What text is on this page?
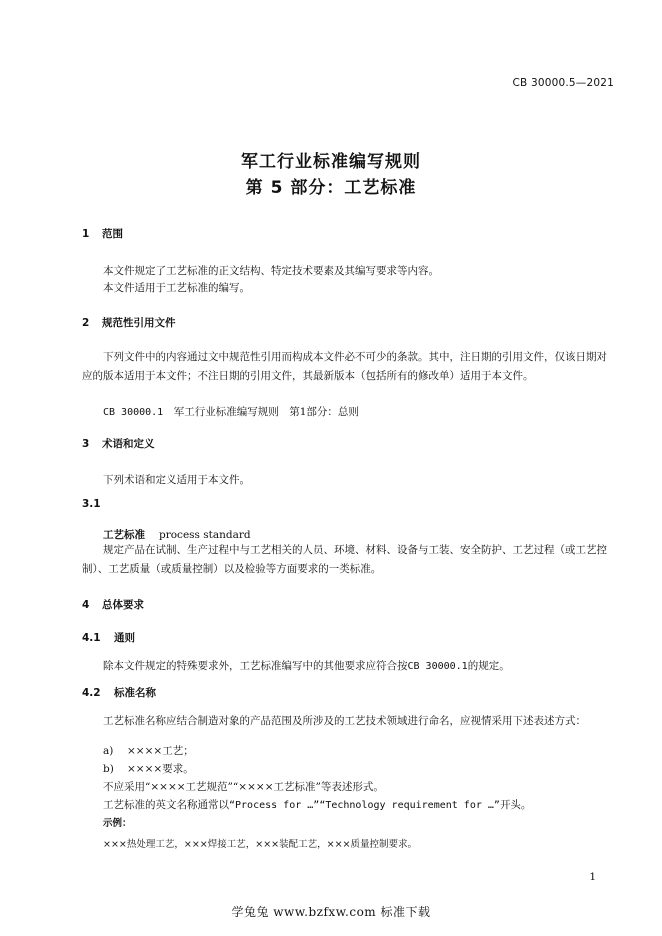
CB 30000.5—2021
军工行业标准编写规则
第 5 部分：工艺标准
1 范围
本文件规定了工艺标准的正文结构、特定技术要素及其编写要求等内容。
本文件适用于工艺标准的编写。
2 规范性引用文件
下列文件中的内容通过文中规范性引用而构成本文件必不可少的条款。其中，注日期的引用文件，仅该日期对应的版本适用于本文件；不注日期的引用文件，其最新版本（包括所有的修改单）适用于本文件。
CB 30000.1　 军工行业标准编写规则　第1部分：总则
3 术语和定义
下列术语和定义适用于本文件。
3.1
工艺标准 process standard
规定产品在试制、生产过程中与工艺相关的人员、环境、材料、设备与工装、安全防护、工艺过程（或工艺控制）、工艺质量（或质量控制）以及检验等方面要求的一类标准。
4 总体要求
4.1 通则
除本文件规定的特殊要求外，工艺标准编写中的其他要求应符合按CB 30000.1的规定。
4.2 标准名称
工艺标准名称应结合制造对象的产品范围及所涉及的工艺技术领域进行命名，应视情采用下述表述方式：
a) ××××工艺；
b) ××××要求。
不应采用“××××工艺规范”“××××工艺标准”等表述形式。
工艺标准的英文名称通常以“Process for …”“Technology requirement for …”开头。
示例：
×××热处理工艺，×××焊接工艺，×××装配工艺，×××质量控制要求。
1
学兔兔 www.bzfxw.com 标准下载
